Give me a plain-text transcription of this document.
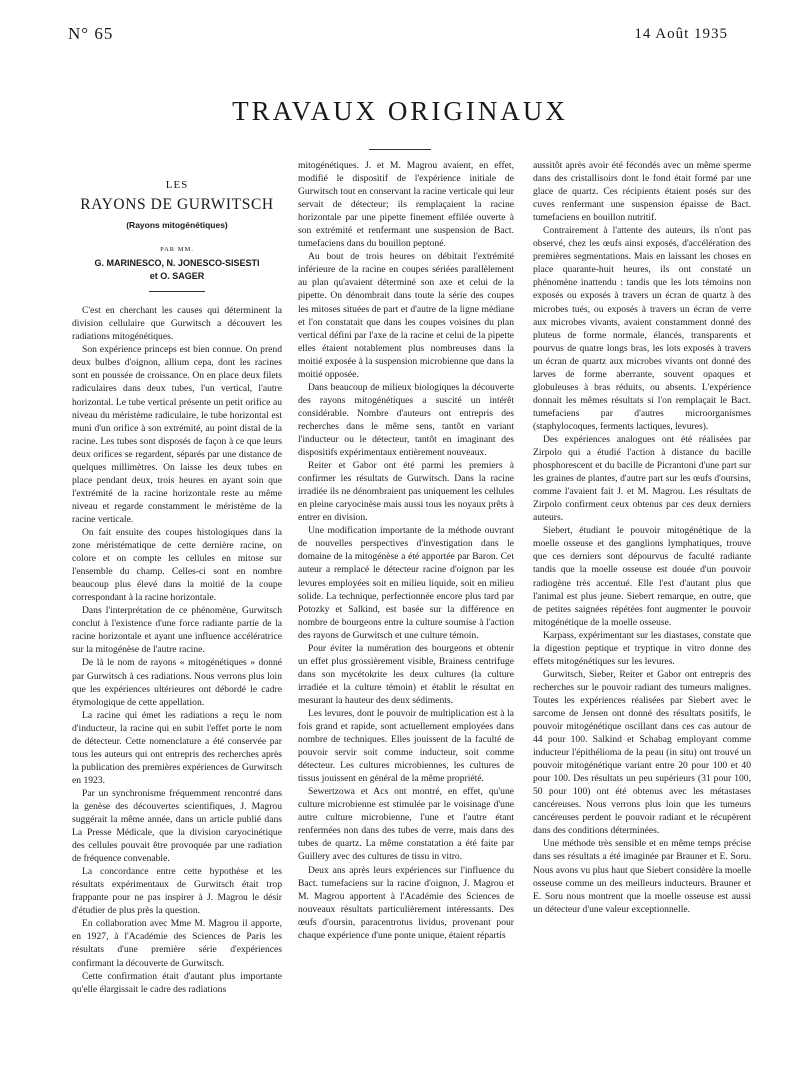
N° 65	14 Août 1935
TRAVAUX ORIGINAUX
LES
RAYONS DE GURWITSCH
(Rayons mitogénétiques)
PAR MM.
G. MARINESCO, N. JONESCO-SISESTI
et O. SAGER

C'est en cherchant les causes qui déterminent la division cellulaire que Gurwitsch a découvert les radiations mitogénétiques.

Son expérience princeps est bien connue. On prend deux bulbes d'oignon, allium cepa, dont les racines sont en poussée de croissance. On en place deux filets radiculaires dans deux tubes, l'un vertical, l'autre horizontal. Le tube vertical présente un petit orifice au niveau du méristème radiculaire, le tube horizontal est muni d'un orifice à son extrémité, au point distal de la racine. Les tubes sont disposés de façon à ce que leurs deux orifices se regardent, séparés par une distance de quelques millimètres. On laisse les deux tubes en place pendant deux, trois heures en ayant soin que l'extrémité de la racine horizontale reste au même niveau et regarde constamment le méristème de la racine verticale.

On fait ensuite des coupes histologiques dans la zone méristématique de cette dernière racine, on colore et on compte les cellules en mitose sur l'ensemble du champ. Celles-ci sont en nombre beaucoup plus élevé dans la moitié de la coupe correspondant à la racine horizontale.

Dans l'interprétation de ce phénomène, Gurwitsch conclut à l'existence d'une force radiante partie de la racine horizontale et ayant une influence accélératrice sur la mitogénèse de l'autre racine.

De là le nom de rayons « mitogénétiques » donné par Gurwitsch à ces radiations. Nous verrons plus loin que les expériences ultérieures ont débordé le cadre étymologique de cette appellation.

La racine qui émet les radiations a reçu le nom d'inducteur, la racine qui en subit l'effet porte le nom de détecteur. Cette nomenclature a été conservée par tous les auteurs qui ont entrepris des recherches après la publication des premières expériences de Gurwitsch en 1923.

Par un synchronisme fréquemment rencontré dans la genèse des découvertes scientifiques, J. Magrou suggérait la même année, dans un article publié dans La Presse Médicale, que la division caryocinétique des cellules pouvait être provoquée par une radiation de fréquence convenable.

La concordance entre cette hypothèse et les résultats expérimentaux de Gurwitsch était trop frappante pour ne pas inspirer à J. Magrou le désir d'étudier de plus près la question.

En collaboration avec Mme M. Magrou il apporte, en 1927, à l'Académie des Sciences de Paris les résultats d'une première série d'expériences confirmant la découverte de Gurwitsch.

Cette confirmation était d'autant plus importante qu'elle élargissait le cadre des radiations

mitogénétiques. J. et M. Magrou avaient, en effet, modifié le dispositif de l'expérience initiale de Gurwitsch tout en conservant la racine verticale qui leur servait de détecteur; ils remplaçaient la racine horizontale par une pipette finement effilée ouverte à son extrémité et renfermant une suspension de Bact. tumefaciens dans du bouillon peptoné.

Au bout de trois heures on débitait l'extrémité inférieure de la racine en coupes sériées parallèlement au plan qu'avaient déterminé son axe et celui de la pipette. On dénombrait dans toute la série des coupes les mitoses situées de part et d'autre de la ligne médiane et l'on constatait que dans les coupes voisines du plan vertical défini par l'axe de la racine et celui de la pipette elles étaient notablement plus nombreuses dans la moitié exposée à la suspension microbienne que dans la moitié opposée.

Dans beaucoup de milieux biologiques la découverte des rayons mitogénétiques a suscité un intérêt considérable. Nombre d'auteurs ont entrepris des recherches dans le même sens, tantôt en variant l'inducteur ou le détecteur, tantôt en imaginant des dispositifs expérimentaux entièrement nouveaux.

Reiter et Gabor ont été parmi les premiers à confirmer les résultats de Gurwitsch. Dans la racine irradiée ils ne dénombraient pas uniquement les cellules en pleine caryocinèse mais aussi tous les noyaux prêts à entrer en division.

Une modification importante de la méthode ouvrant de nouvelles perspectives d'investigation dans le domaine de la mitogénèse a été apportée par Baron. Cet auteur a remplacé le détecteur racine d'oignon par les levures employées soit en milieu liquide, soit en milieu solide. La technique, perfectionnée encore plus tard par Potozky et Salkind, est basée sur la différence en nombre de bourgeons entre la culture soumise à l'action des rayons de Gurwitsch et une culture témoin.

Pour éviter la numération des bourgeons et obtenir un effet plus grossièrement visible, Brainess centrifuge dans son mycétokrite les deux cultures (la culture irradiée et la culture témoin) et établit le résultat en mesurant la hauteur des deux sédiments.

Les levures, dont le pouvoir de multiplication est à la fois grand et rapide, sont actuellement employées dans nombre de techniques. Elles jouissent de la faculté de pouvoir servir soit comme inducteur, soit comme détecteur. Les cultures microbiennes, les cultures de tissus jouissent en général de la même propriété.

Sewertzowa et Acs ont montré, en effet, qu'une culture microbienne est stimulée par le voisinage d'une autre culture microbienne, l'une et l'autre étant renfermées non dans des tubes de verre, mais dans des tubes de quartz. La même constatation a été faite par Guillery avec des cultures de tissu in vitro.

Deux ans après leurs expériences sur l'influence du Bact. tumefaciens sur la racine d'oignon, J. Magrou et M. Magrou apportent à l'Académie des Sciences de nouveaux résultats particulièrement intéressants. Des œufs d'oursin, paracentrotus lividus, provenant pour chaque expérience d'une ponte unique, étaient répartis

aussitôt après avoir été fécondés avec un même sperme dans des cristallisoirs dont le fond était formé par une glace de quartz. Ces récipients étaient posés sur des cuves renfermant une suspension épaisse de Bact. tumefaciens en bouillon nutritif.

Contrairement à l'attente des auteurs, ils n'ont pas observé, chez les œufs ainsi exposés, d'accélération des premières segmentations. Mais en laissant les choses en place quarante-huit heures, ils ont constaté un phénomène inattendu : tandis que les lots témoins non exposés ou exposés à travers un écran de quartz à des microbes tués, ou exposés à travers un écran de verre aux microbes vivants, avaient constamment donné des pluteus de forme normale, élancés, transparents et pourvus de quatre longs bras, les lots exposés à travers un écran de quartz aux microbes vivants ont donné des larves de forme aberrante, souvent opaques et globuleuses à bras réduits, ou absents. L'expérience donnait les mêmes résultats si l'on remplaçait le Bact. tumefaciens par d'autres microorganismes (staphylocoques, ferments lactiques, levures).

Des expériences analogues ont été réalisées par Zirpolo qui a étudié l'action à distance du bacille phosphorescent et du bacille de Picrantoni d'une part sur les graines de plantes, d'autre part sur les œufs d'oursins, comme l'avaient fait J. et M. Magrou. Les résultats de Zirpolo confirment ceux obtenus par ces deux derniers auteurs.

Siebert, étudiant le pouvoir mitogénétique de la moelle osseuse et des ganglions lymphatiques, trouve que ces derniers sont dépourvus de faculté radiante tandis que la moelle osseuse est douée d'un pouvoir radiogène très accentué. Elle l'est d'autant plus que l'animal est plus jeune. Siebert remarque, en outre, que de petites saignées répétées font augmenter le pouvoir mitogénétique de la moelle osseuse.

Karpass, expérimentant sur les diastases, constate que la digestion peptique et tryptique in vitro donne des effets mitogénétiques sur les levures.

Gurwitsch, Sieber, Reiter et Gabor ont entrepris des recherches sur le pouvoir radiant des tumeurs malignes. Toutes les expériences réalisées par Siebert avec le sarcome de Jensen ont donné des résultats positifs, le pouvoir mitogénétique oscillant dans ces cas autour de 44 pour 100. Salkind et Schabag employant comme inducteur l'épithélioma de la peau (in situ) ont trouvé un pouvoir mitogénétique variant entre 20 pour 100 et 40 pour 100. Des résultats un peu supérieurs (31 pour 100, 50 pour 100) ont été obtenus avec les métastases cancéreuses. Nous verrons plus loin que les tumeurs cancéreuses perdent le pouvoir radiant et le récupèrent dans des conditions déterminées.

Une méthode très sensible et en même temps précise dans ses résultats a été imaginée par Brauner et E. Soru. Nous avons vu plus haut que Siebert considère la moelle osseuse comme un des meilleurs inducteurs. Brauner et E. Soru nous montrent que la moelle osseuse est aussi un détecteur d'une valeur exceptionnelle.
